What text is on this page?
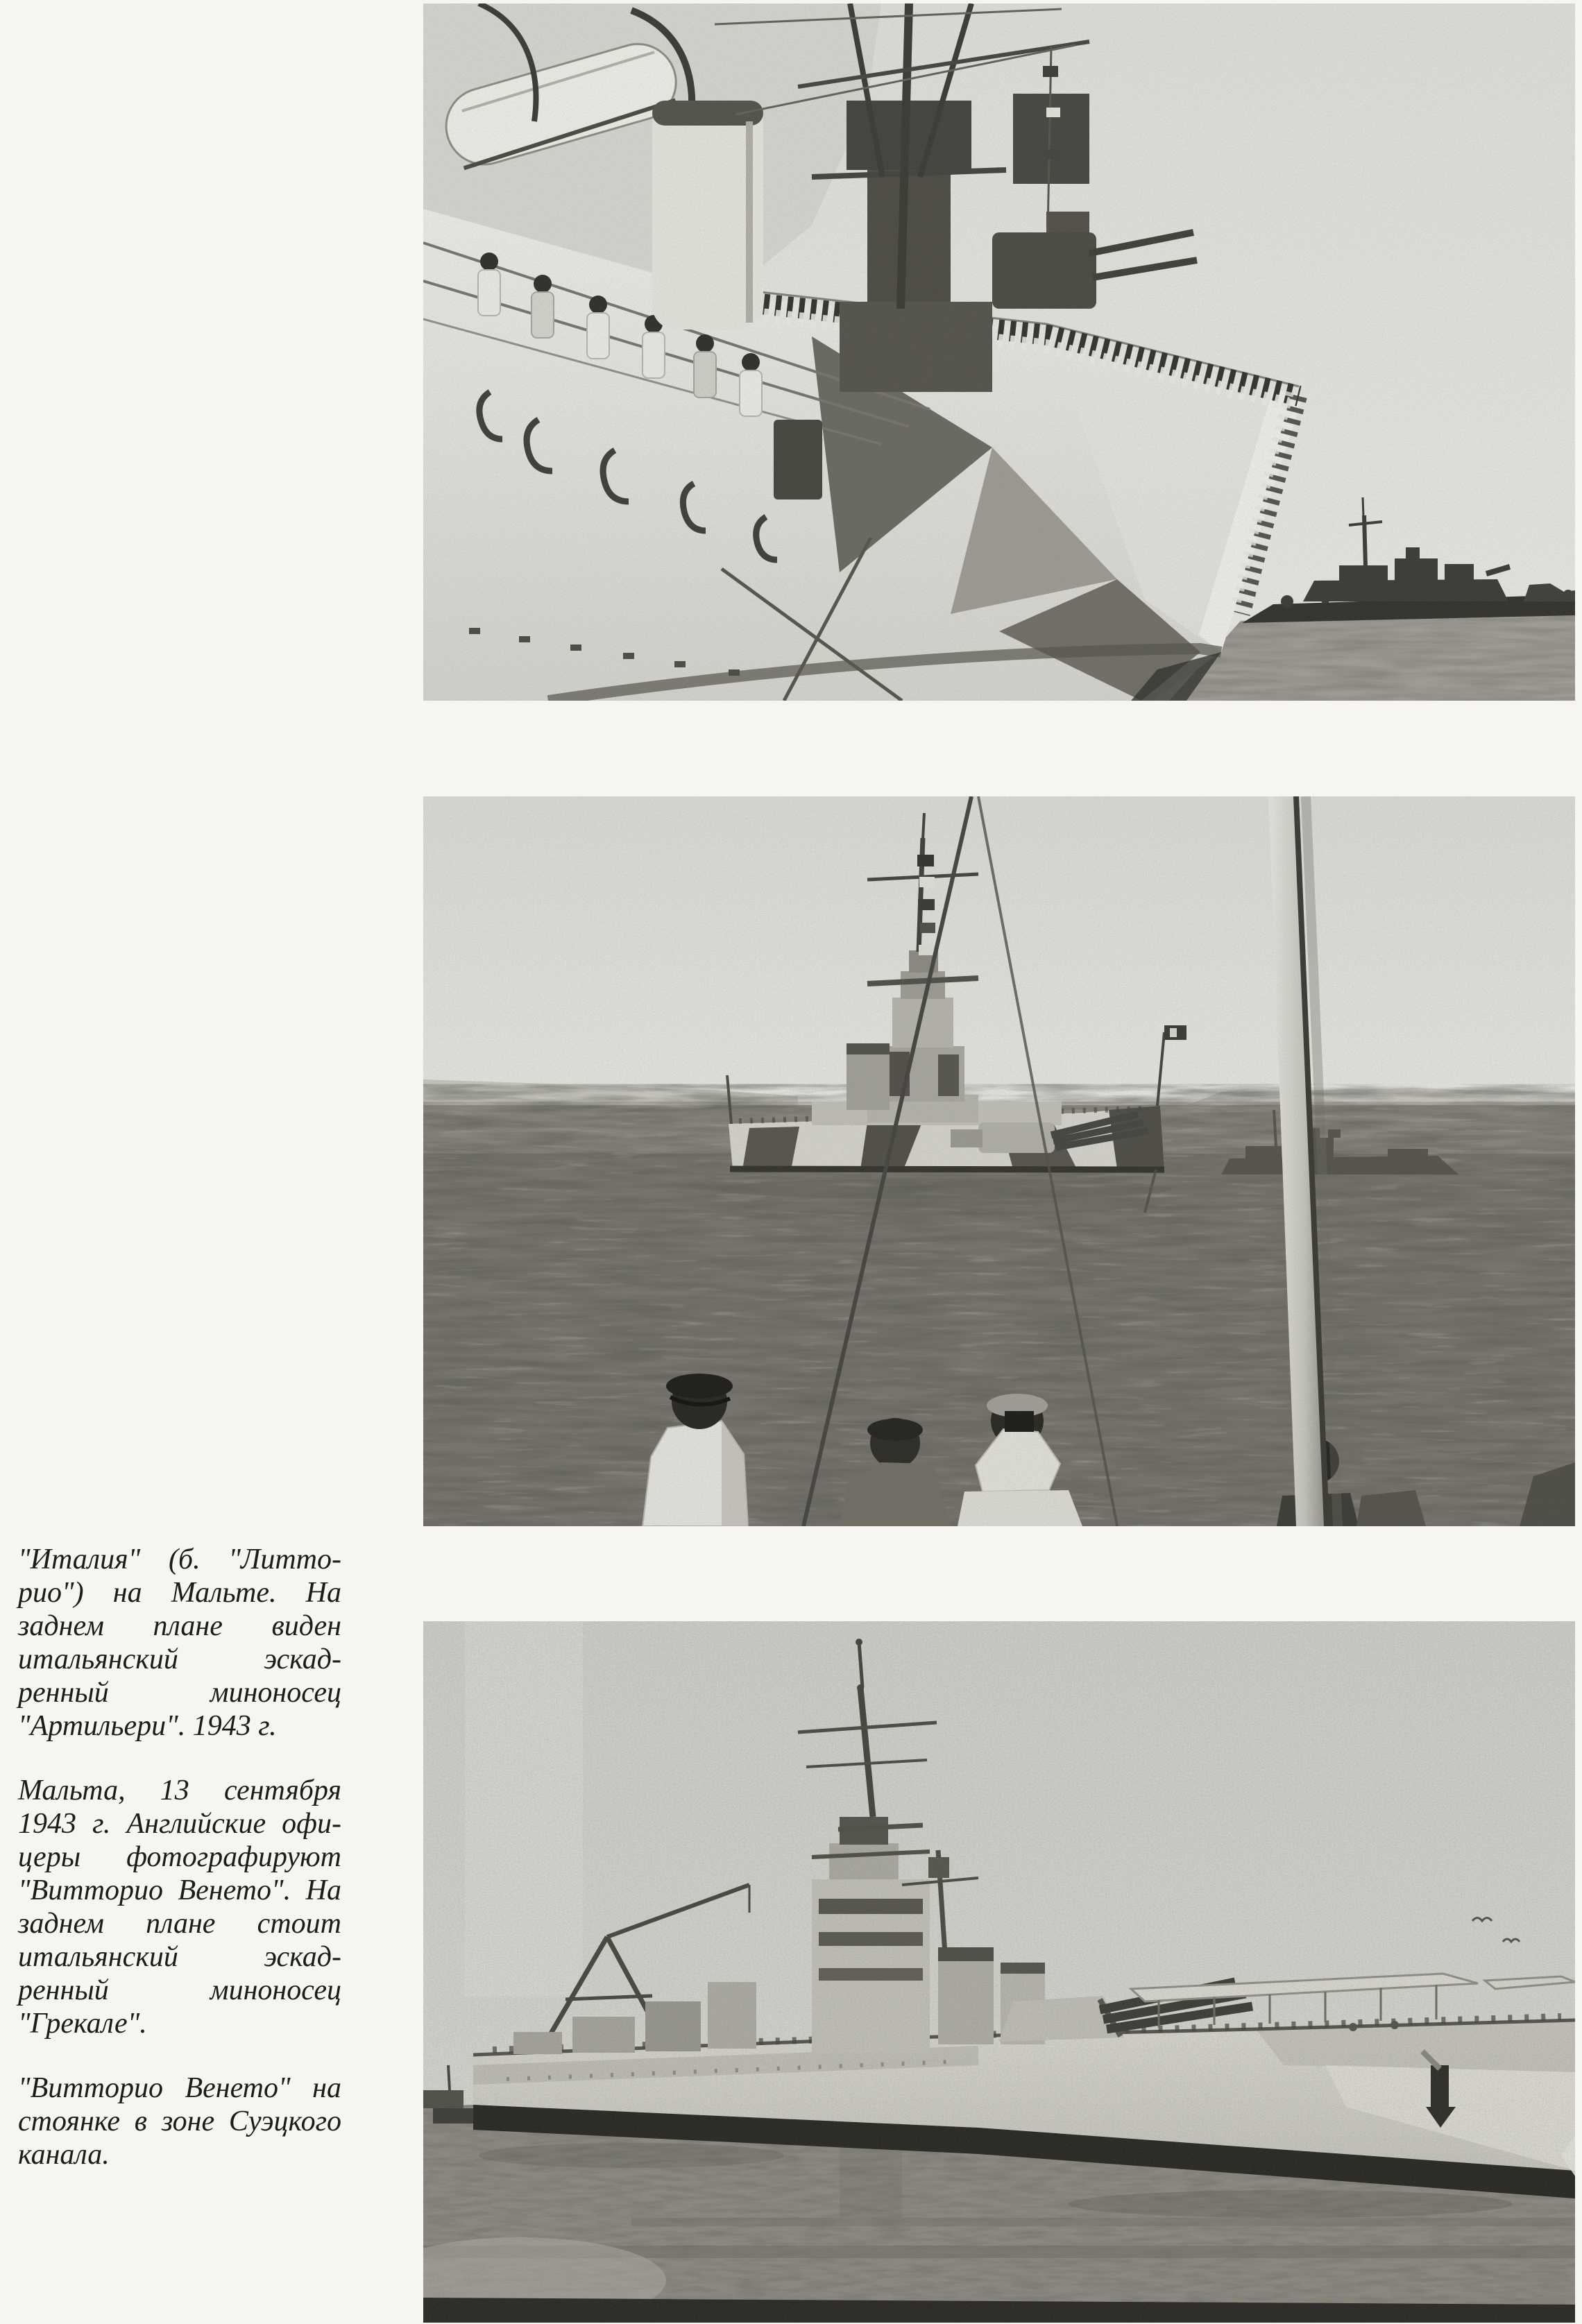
"Италия" (б. "Литторио") на Мальте. На заднем плане виден итальянский эскадренный миноносец "Артильери". 1943 г.

Мальта, 13 сентября 1943 г. Английские офицеры фотографируют "Витторио Венето". На заднем плане стоит итальянский эскадренный миноносец "Грекале".

"Витторио Венето" на стоянке в зоне Суэцкого канала.
